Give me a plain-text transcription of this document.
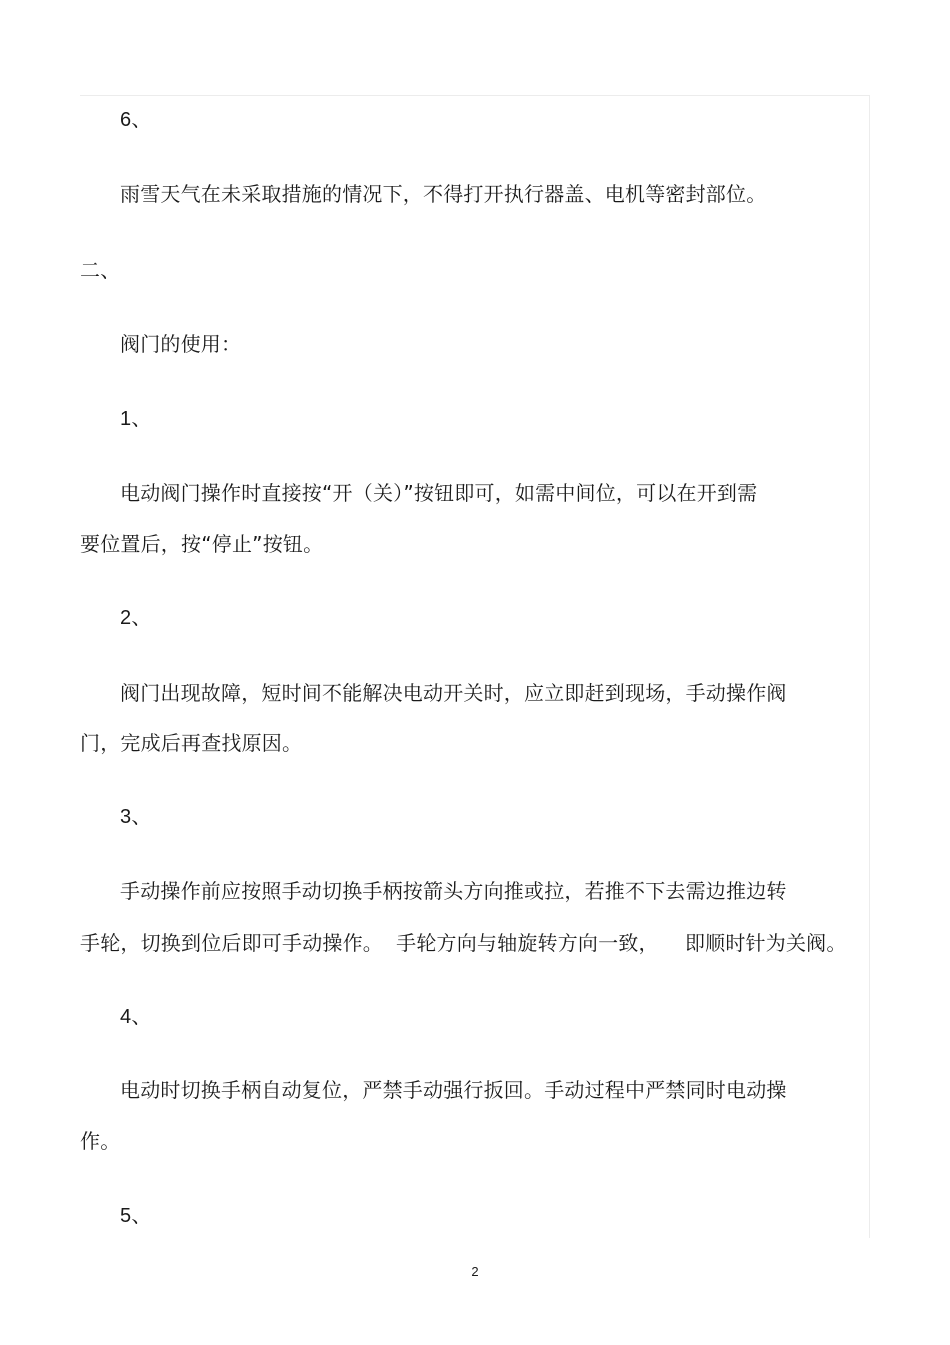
6、
雨雪天气在未采取措施的情况下，不得打开执行器盖、电机等密封部位。
二、
阀门的使用：
1、
电动阀门操作时直接按“开（关）”按钮即可，如需中间位，可以在开到需
要位置后，按“停止”按钮。
2、
阀门出现故障，短时间不能解决电动开关时，应立即赶到现场，手动操作阀
门，完成后再查找原因。
3、
手动操作前应按照手动切换手柄按箭头方向推或拉，若推不下去需边推边转
手轮，切换到位后即可手动操作。  手轮方向与轴旋转方向一致，    即顺时针为关阀。
4、
电动时切换手柄自动复位，严禁手动强行扳回。手动过程中严禁同时电动操
作。
5、
2
